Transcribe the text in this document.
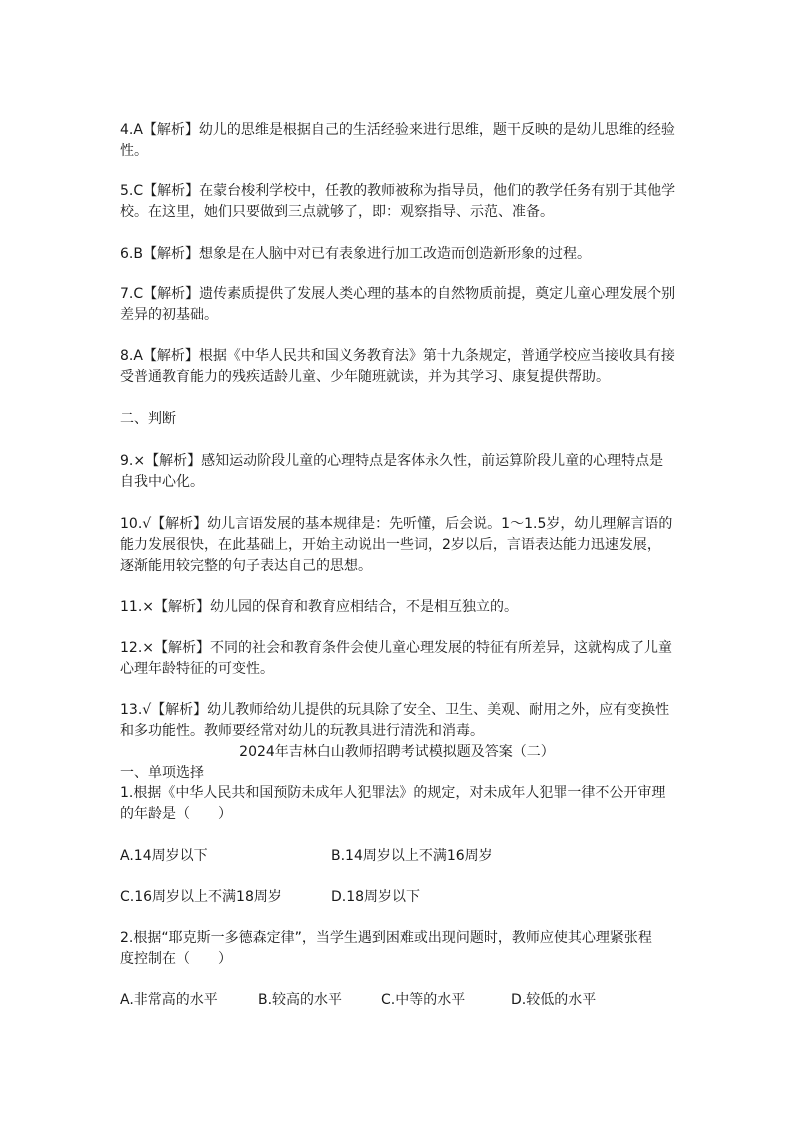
4.A【解析】幼儿的思维是根据自己的生活经验来进行思维，题干反映的是幼儿思维的经验
性。

5.C【解析】在蒙台梭利学校中，任教的教师被称为指导员，他们的教学任务有别于其他学
校。在这里，她们只要做到三点就够了，即：观察指导、示范、准备。

6.B【解析】想象是在人脑中对已有表象进行加工改造而创造新形象的过程。

7.C【解析】遗传素质提供了发展人类心理的基本的自然物质前提，奠定儿童心理发展个别
差异的初基础。

8.A【解析】根据《中华人民共和国义务教育法》第十九条规定，普通学校应当接收具有接
受普通教育能力的残疾适龄儿童、少年随班就读，并为其学习、康复提供帮助。

二、判断

9.×【解析】感知运动阶段儿童的心理特点是客体永久性，前运算阶段儿童的心理特点是
自我中心化。

10.√【解析】幼儿言语发展的基本规律是：先听懂，后会说。1～1.5岁，幼儿理解言语的
能力发展很快，在此基础上，开始主动说出一些词，2岁以后，言语表达能力迅速发展，
逐渐能用较完整的句子表达自己的思想。

11.×【解析】幼儿园的保育和教育应相结合，不是相互独立的。

12.×【解析】不同的社会和教育条件会使儿童心理发展的特征有所差异，这就构成了儿童
心理年龄特征的可变性。

13.√【解析】幼儿教师给幼儿提供的玩具除了安全、卫生、美观、耐用之外，应有变换性
和多功能性。教师要经常对幼儿的玩教具进行清洗和消毒。

2024年吉林白山教师招聘考试模拟题及答案（二）

一、单项选择

1.根据《中华人民共和国预防未成年人犯罪法》的规定，对未成年人犯罪一律不公开审理
的年龄是（　　）

A.14周岁以下	B.14周岁以上不满16周岁
C.16周岁以上不满18周岁	D.18周岁以下

2.根据“耶克斯一多德森定律”，当学生遇到困难或出现问题时，教师应使其心理紧张程
度控制在（　　）

A.非常高的水平	B.较高的水平	C.中等的水平	D.较低的水平
